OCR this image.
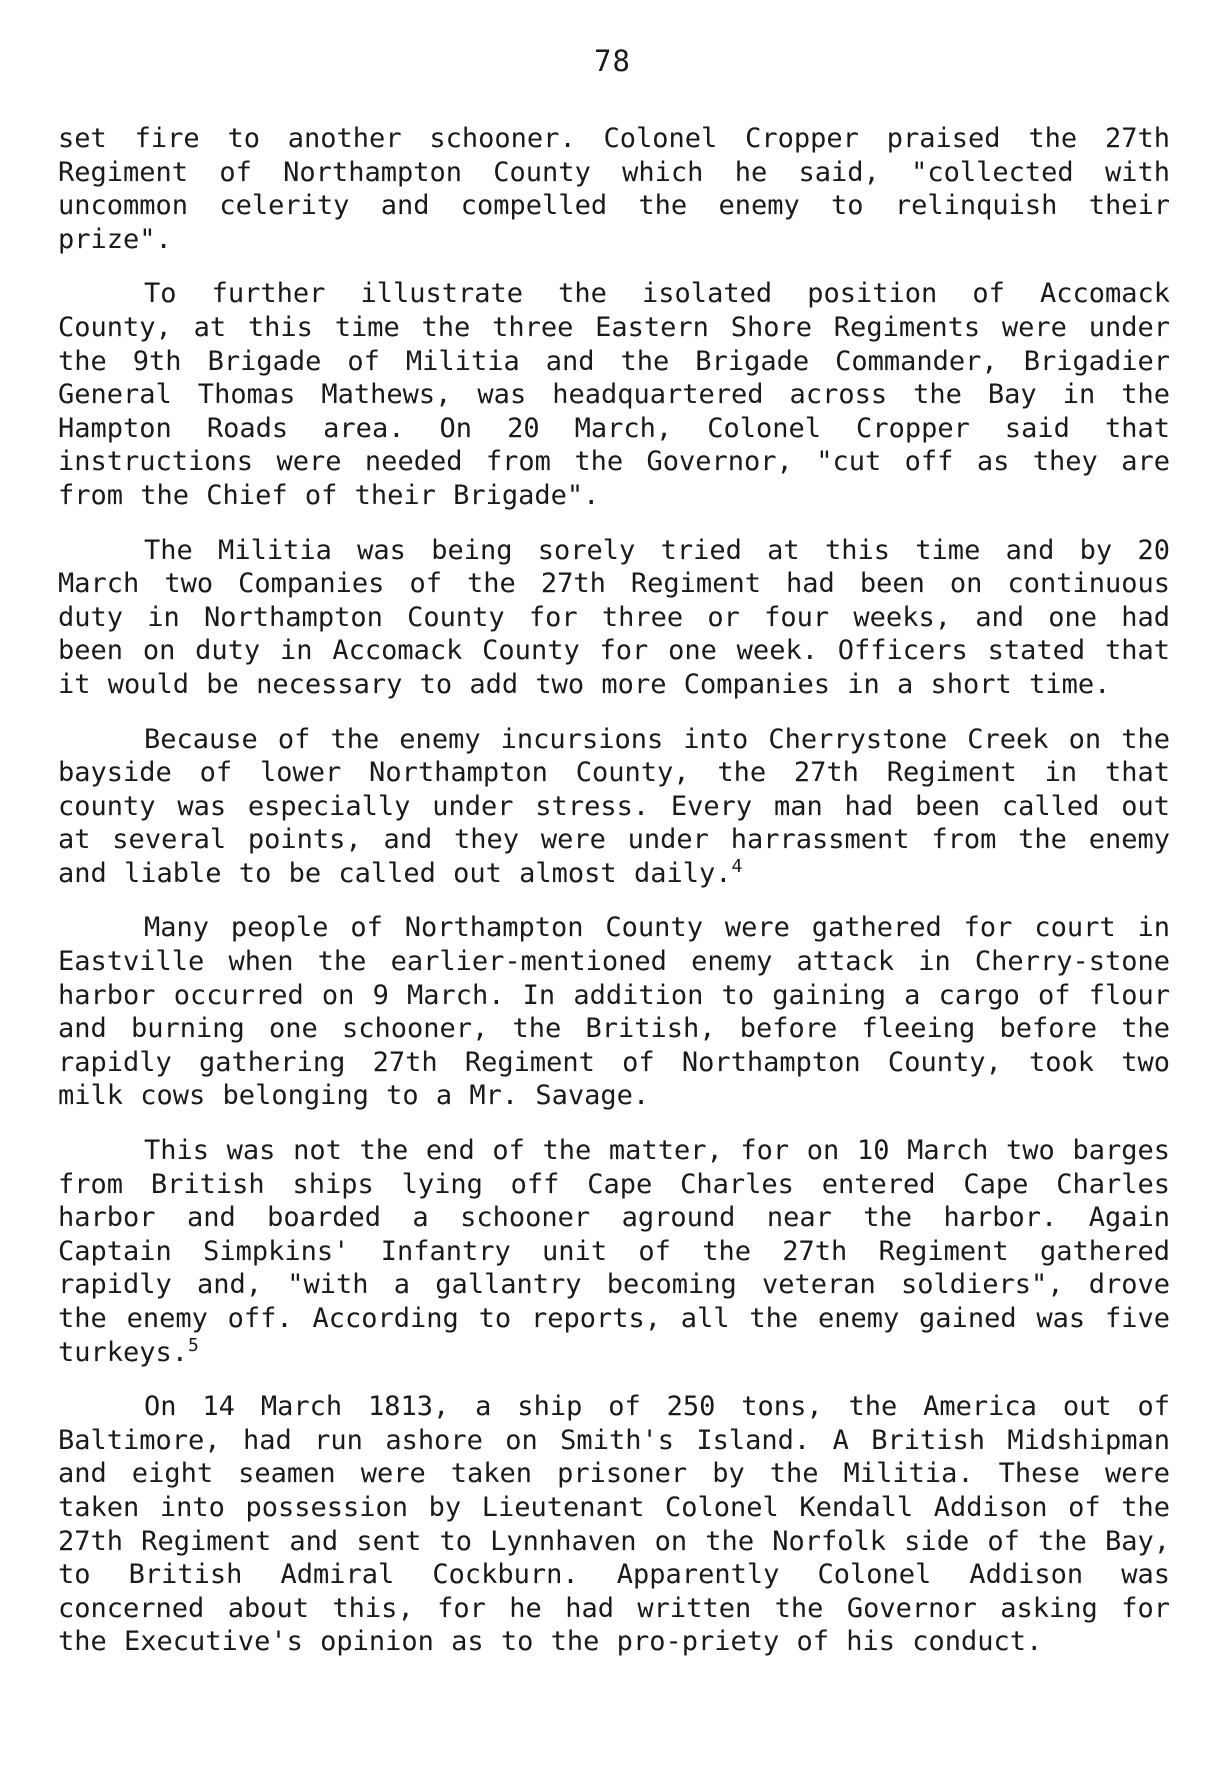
78

set fire to another schooner. Colonel Cropper praised the 27th Regiment of Northampton County which he said, "collected with uncommon celerity and compelled the enemy to relinquish their prize".

To further illustrate the isolated position of Accomack County, at this time the three Eastern Shore Regiments were under the 9th Brigade of Militia and the Brigade Commander, Brigadier General Thomas Mathews, was headquartered across the Bay in the Hampton Roads area. On 20 March, Colonel Cropper said that instructions were needed from the Governor, "cut off as they are from the Chief of their Brigade".

The Militia was being sorely tried at this time and by 20 March two Companies of the 27th Regiment had been on continuous duty in Northampton County for three or four weeks, and one had been on duty in Accomack County for one week. Officers stated that it would be necessary to add two more Companies in a short time.

Because of the enemy incursions into Cherrystone Creek on the bayside of lower Northampton County, the 27th Regiment in that county was especially under stress. Every man had been called out at several points, and they were under harrassment from the enemy and liable to be called out almost daily.$^4$

Many people of Northampton County were gathered for court in Eastville when the earlier-mentioned enemy attack in Cherry-stone harbor occurred on 9 March. In addition to gaining a cargo of flour and burning one schooner, the British, before fleeing before the rapidly gathering 27th Regiment of Northampton County, took two milk cows belonging to a Mr. Savage.

This was not the end of the matter, for on 10 March two barges from British ships lying off Cape Charles entered Cape Charles harbor and boarded a schooner aground near the harbor. Again Captain Simpkins' Infantry unit of the 27th Regiment gathered rapidly and, "with a gallantry becoming veteran soldiers", drove the enemy off. According to reports, all the enemy gained was five turkeys.$^5$

On 14 March 1813, a ship of 250 tons, the America out of Baltimore, had run ashore on Smith's Island. A British Midshipman and eight seamen were taken prisoner by the Militia. These were taken into possession by Lieutenant Colonel Kendall Addison of the 27th Regiment and sent to Lynnhaven on the Norfolk side of the Bay, to British Admiral Cockburn. Apparently Colonel Addison was concerned about this, for he had written the Governor asking for the Executive's opinion as to the pro-priety of his conduct.
